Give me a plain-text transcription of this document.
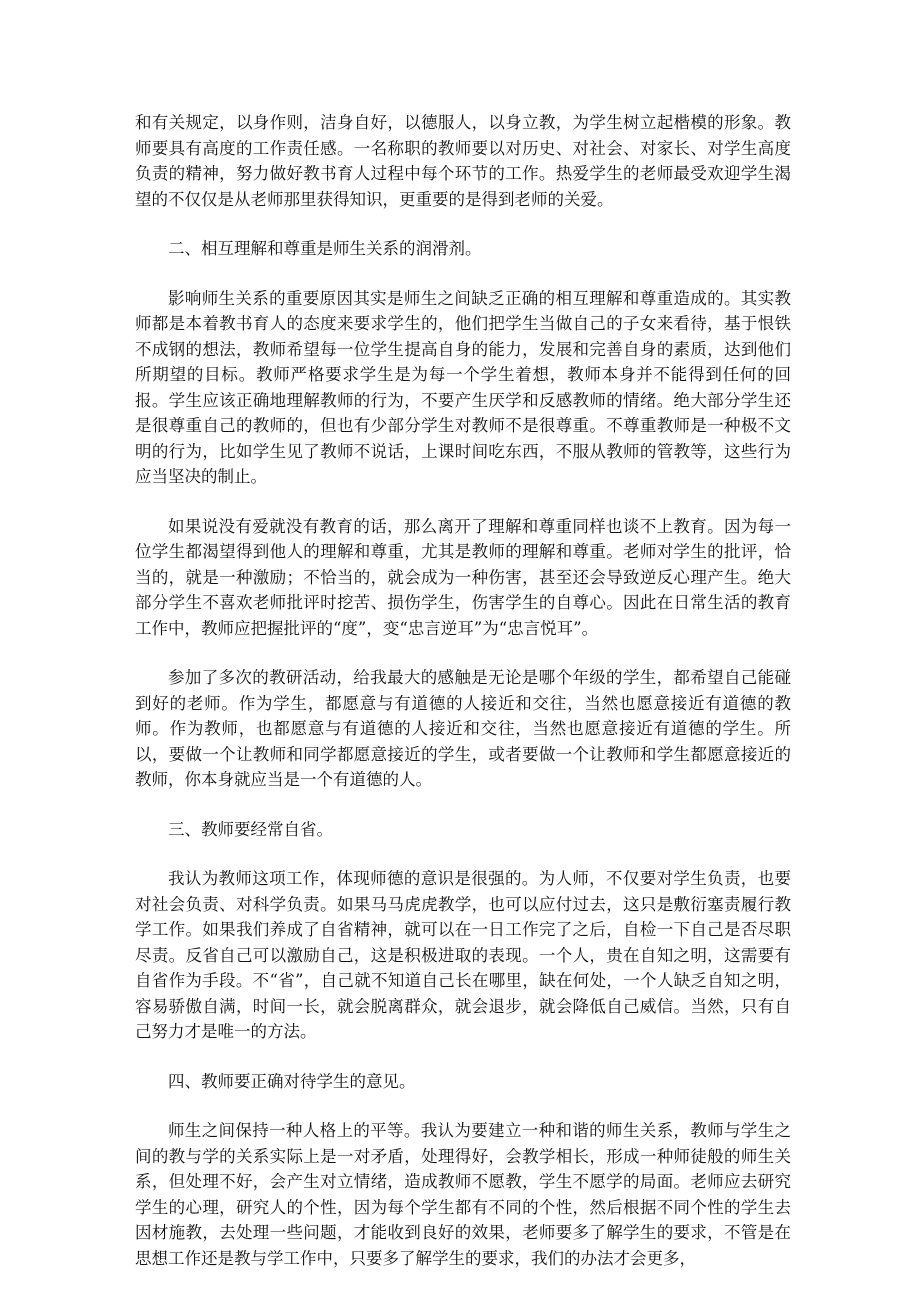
和有关规定，以身作则，洁身自好，以德服人，以身立教，为学生树立起楷模的形象。教师要具有高度的工作责任感。一名称职的教师要以对历史、对社会、对家长、对学生高度负责的精神，努力做好教书育人过程中每个环节的工作。热爱学生的老师最受欢迎学生渴望的不仅仅是从老师那里获得知识，更重要的是得到老师的关爱。

二、相互理解和尊重是师生关系的润滑剂。

影响师生关系的重要原因其实是师生之间缺乏正确的相互理解和尊重造成的。其实教师都是本着教书育人的态度来要求学生的，他们把学生当做自己的子女来看待，基于恨铁不成钢的想法，教师希望每一位学生提高自身的能力，发展和完善自身的素质，达到他们所期望的目标。教师严格要求学生是为每一个学生着想，教师本身并不能得到任何的回报。学生应该正确地理解教师的行为，不要产生厌学和反感教师的情绪。绝大部分学生还是很尊重自己的教师的，但也有少部分学生对教师不是很尊重。不尊重教师是一种极不文明的行为，比如学生见了教师不说话，上课时间吃东西，不服从教师的管教等，这些行为应当坚决的制止。

如果说没有爱就没有教育的话，那么离开了理解和尊重同样也谈不上教育。因为每一位学生都渴望得到他人的理解和尊重，尤其是教师的理解和尊重。老师对学生的批评，恰当的，就是一种激励；不恰当的，就会成为一种伤害，甚至还会导致逆反心理产生。绝大部分学生不喜欢老师批评时挖苦、损伤学生，伤害学生的自尊心。因此在日常生活的教育工作中，教师应把握批评的“度”，变“忠言逆耳”为“忠言悦耳”。

参加了多次的教研活动，给我最大的感触是无论是哪个年级的学生，都希望自己能碰到好的老师。作为学生，都愿意与有道德的人接近和交往，当然也愿意接近有道德的教师。作为教师，也都愿意与有道德的人接近和交往，当然也愿意接近有道德的学生。所以，要做一个让教师和同学都愿意接近的学生，或者要做一个让教师和学生都愿意接近的教师，你本身就应当是一个有道德的人。

三、教师要经常自省。

我认为教师这项工作，体现师德的意识是很强的。为人师，不仅要对学生负责，也要对社会负责、对科学负责。如果马马虎虎教学，也可以应付过去，这只是敷衍塞责履行教学工作。如果我们养成了自省精神，就可以在一日工作完了之后，自检一下自己是否尽职尽责。反省自己可以激励自己，这是积极进取的表现。一个人，贵在自知之明，这需要有自省作为手段。不“省”，自己就不知道自己长在哪里，缺在何处，一个人缺乏自知之明，容易骄傲自满，时间一长，就会脱离群众，就会退步，就会降低自己威信。当然，只有自己努力才是唯一的方法。

四、教师要正确对待学生的意见。

师生之间保持一种人格上的平等。我认为要建立一种和谐的师生关系，教师与学生之间的教与学的关系实际上是一对矛盾，处理得好，会教学相长，形成一种师徒般的师生关系，但处理不好，会产生对立情绪，造成教师不愿教，学生不愿学的局面。老师应去研究学生的心理，研究人的个性，因为每个学生都有不同的个性，然后根据不同个性的学生去因材施教，去处理一些问题，才能收到良好的效果，老师要多了解学生的要求，不管是在思想工作还是教与学工作中，只要多了解学生的要求，我们的办法才会更多，
